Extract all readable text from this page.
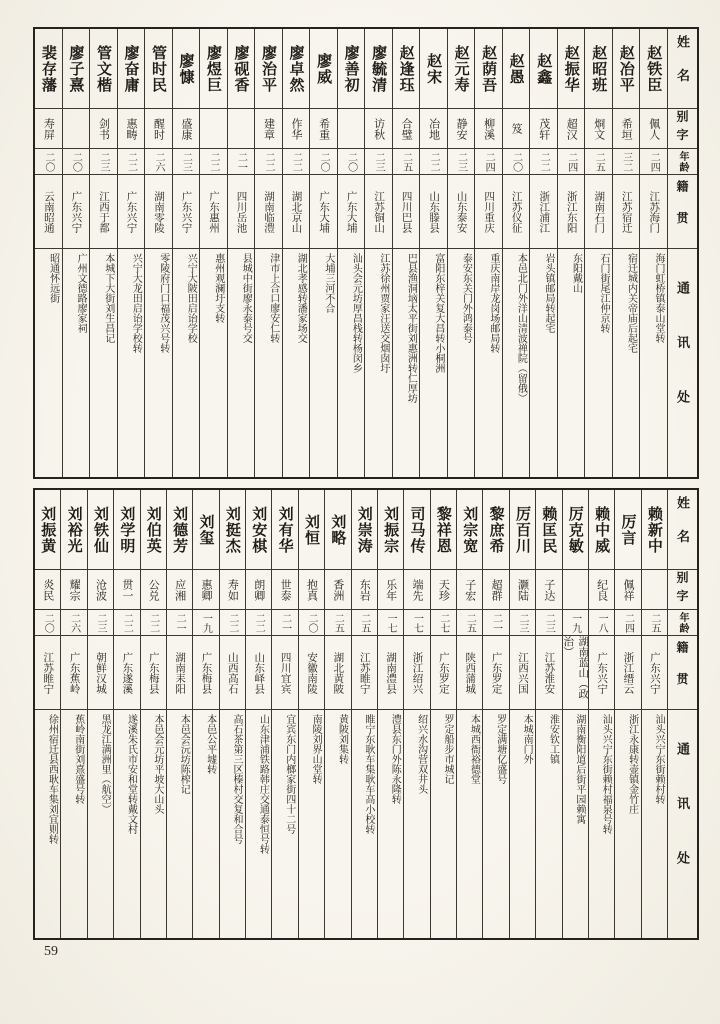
姓名
别字
年龄
籍贯
通讯处
赵铁臣
佩人
二四
江苏海门
海门虹桥镇泰山堂转
赵冶平
希垣
三二
江苏宿迁
宿迁城内关帝庙后起宅
赵昭班
烱文
二五
湖南石门
石门街尾江仲京转
赵振华
超汉
二四
浙江东阳
东阳戴山
赵鑫
茂轩
二二
浙江浦江
岩头镇邮局转起宅
赵愚
笈
二〇
江苏仪征
本邑北门外洋山清波禅院（留俄）
赵荫吾
柳溪
二四
四川重庆
重庆南岸龙岗场邮局转
赵元寿
静安
二三
山东泰安
泰安东关门外鸿泰号
赵宋
冶地
二二
山东滕县
富阳东梓关复大昌转小桐洲
赵逢珏
合璧
二五
四川巴县
巴县渔洞垴太平街刘惠洲转仁厚坊
廖毓清
访秋
二三
江苏铜山
江苏徐州贾家汪送交烟囱圩
廖善初
二〇
广东大埔
汕头会元坊厚昌栈转杨闵乡
廖威
希重
二〇
广东大埔
大埔三河不合
廖卓然
作华
二二
湖北京山
湖北孝感转潘家场交
廖治平
建章
二二
湖南临澧
津市上合口廖安仁转
廖砚香
二一
四川岳池
县城中街廖永泰号交
廖煜巨
二二
广东惠州
惠州观澜圩支转
廖慷
盛康
二三
广东兴宁
兴宁大陂田启诒学校
管时民
醒时
二六
湖南零陵
零陵府门口福茂兴号转
廖奋庸
惠畴
二二
广东兴宁
兴宁大龙田启诒学校转
管文楷
剑书
二三
江西于都
本城下大街刘生昌记
廖子熹
二〇
广东兴宁
广州文德路廖家祠
裴存藩
寿屏
二〇
云南昭通
昭通怀远街
姓名
别字
年龄
籍贯
通讯处
赖新中
二五
广东兴宁
汕头兴宁东街赖村转
厉言
佩祥
二四
浙江缙云
浙江永康转壶镇金竹庄
赖中威
纪良
一八
广东兴宁
汕头兴宁东街赖村福泉号转
厉克敏
一九
湖南蓝山（政治）
湖南衡阳道后街平园赖寓
赖匡民
子达
二三
江苏淮安
淮安钦工镇
厉百川
灏陆
二三
江西兴国
本城南门外
黎庶希
超群
二一
广东罗定
罗定满塘亿盛号
刘宗宽
子宏
二五
陕西蒲城
本城西衙裕德堂
黎祥恩
天珍
二七
广东罗定
罗定船步市城记
司马传
端先
一七
浙江绍兴
绍兴水沟营双井头
刘振宗
乐年
一七
湖南澧县
澧县东门外陈永隆转
刘崇涛
东岩
二五
江苏睢宁
睢宁东耿车集耿车高小校转
刘略
香洲
二五
湖北黄陂
黄陂刘集转
刘恒
抱真
二〇
安徽南陵
南陵刘界山堂转
刘有华
世泰
二一
四川宜宾
宜宾东门内榔家街四十二号
刘安棋
朗卿
二二
山东峄县
山东津浦铁路韩庄交通泰恒号转
刘挺杰
寿如
二二
山西高石
高石茶第三区榛村交复和合号
刘玺
惠卿
一九
广东梅县
本邑公平墟转
刘德芳
应湘
二一
湖南耒阳
本邑会沅坊陈榨记
刘伯英
公兑
二二
广东梅县
本邑会元坊平坡大山头
刘学明
贯一
二二
广东遂溪
遂溪朱氏市安和堂转戴文村
刘铁仙
沧波
二三
朝鲜汉城
黑龙江满洲里（航空）
刘裕光
耀宗
二六
广东蕉岭
蕉岭南街刘熹盛号转
刘振黄
炎民
二〇
江苏睢宁
徐州宿迁县西耿车集刘宜则转
59
